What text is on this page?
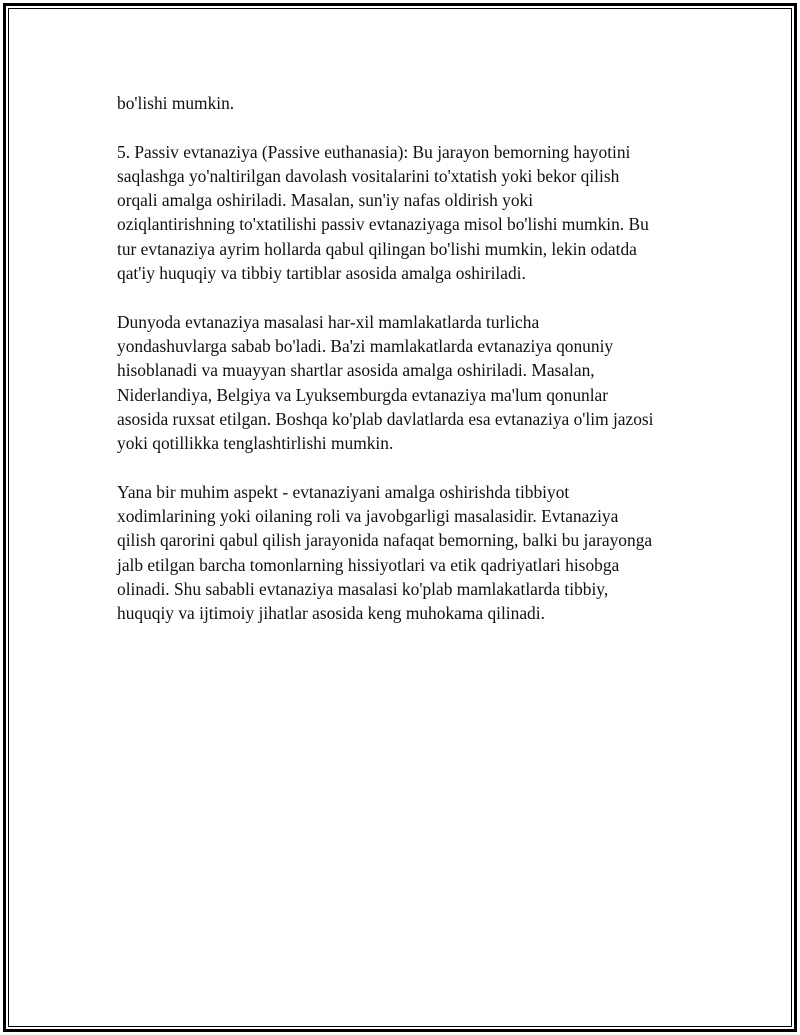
bo'lishi mumkin.

5. Passiv evtanaziya (Passive euthanasia): Bu jarayon bemorning hayotini
saqlashga yo'naltirilgan davolash vositalarini to'xtatish yoki bekor qilish
orqali amalga oshiriladi. Masalan, sun'iy nafas oldirish yoki
oziqlantirishning to'xtatilishi passiv evtanaziyaga misol bo'lishi mumkin. Bu
tur evtanaziya ayrim hollarda qabul qilingan bo'lishi mumkin, lekin odatda
qat'iy huquqiy va tibbiy tartiblar asosida amalga oshiriladi.

Dunyoda evtanaziya masalasi har-xil mamlakatlarda turlicha
yondashuvlarga sabab bo'ladi. Ba'zi mamlakatlarda evtanaziya qonuniy
hisoblanadi va muayyan shartlar asosida amalga oshiriladi. Masalan,
Niderlandiya, Belgiya va Lyuksemburgda evtanaziya ma'lum qonunlar
asosida ruxsat etilgan. Boshqa ko'plab davlatlarda esa evtanaziya o'lim jazosi
yoki qotillikka tenglashtirlishi mumkin.

Yana bir muhim aspekt - evtanaziyani amalga oshirishda tibbiyot
xodimlarining yoki oilaning roli va javobgarligi masalasidir. Evtanaziya
qilish qarorini qabul qilish jarayonida nafaqat bemorning, balki bu jarayonga
jalb etilgan barcha tomonlarning hissiyotlari va etik qadriyatlari hisobga
olinadi. Shu sababli evtanaziya masalasi ko'plab mamlakatlarda tibbiy,
huquqiy va ijtimoiy jihatlar asosida keng muhokama qilinadi.
